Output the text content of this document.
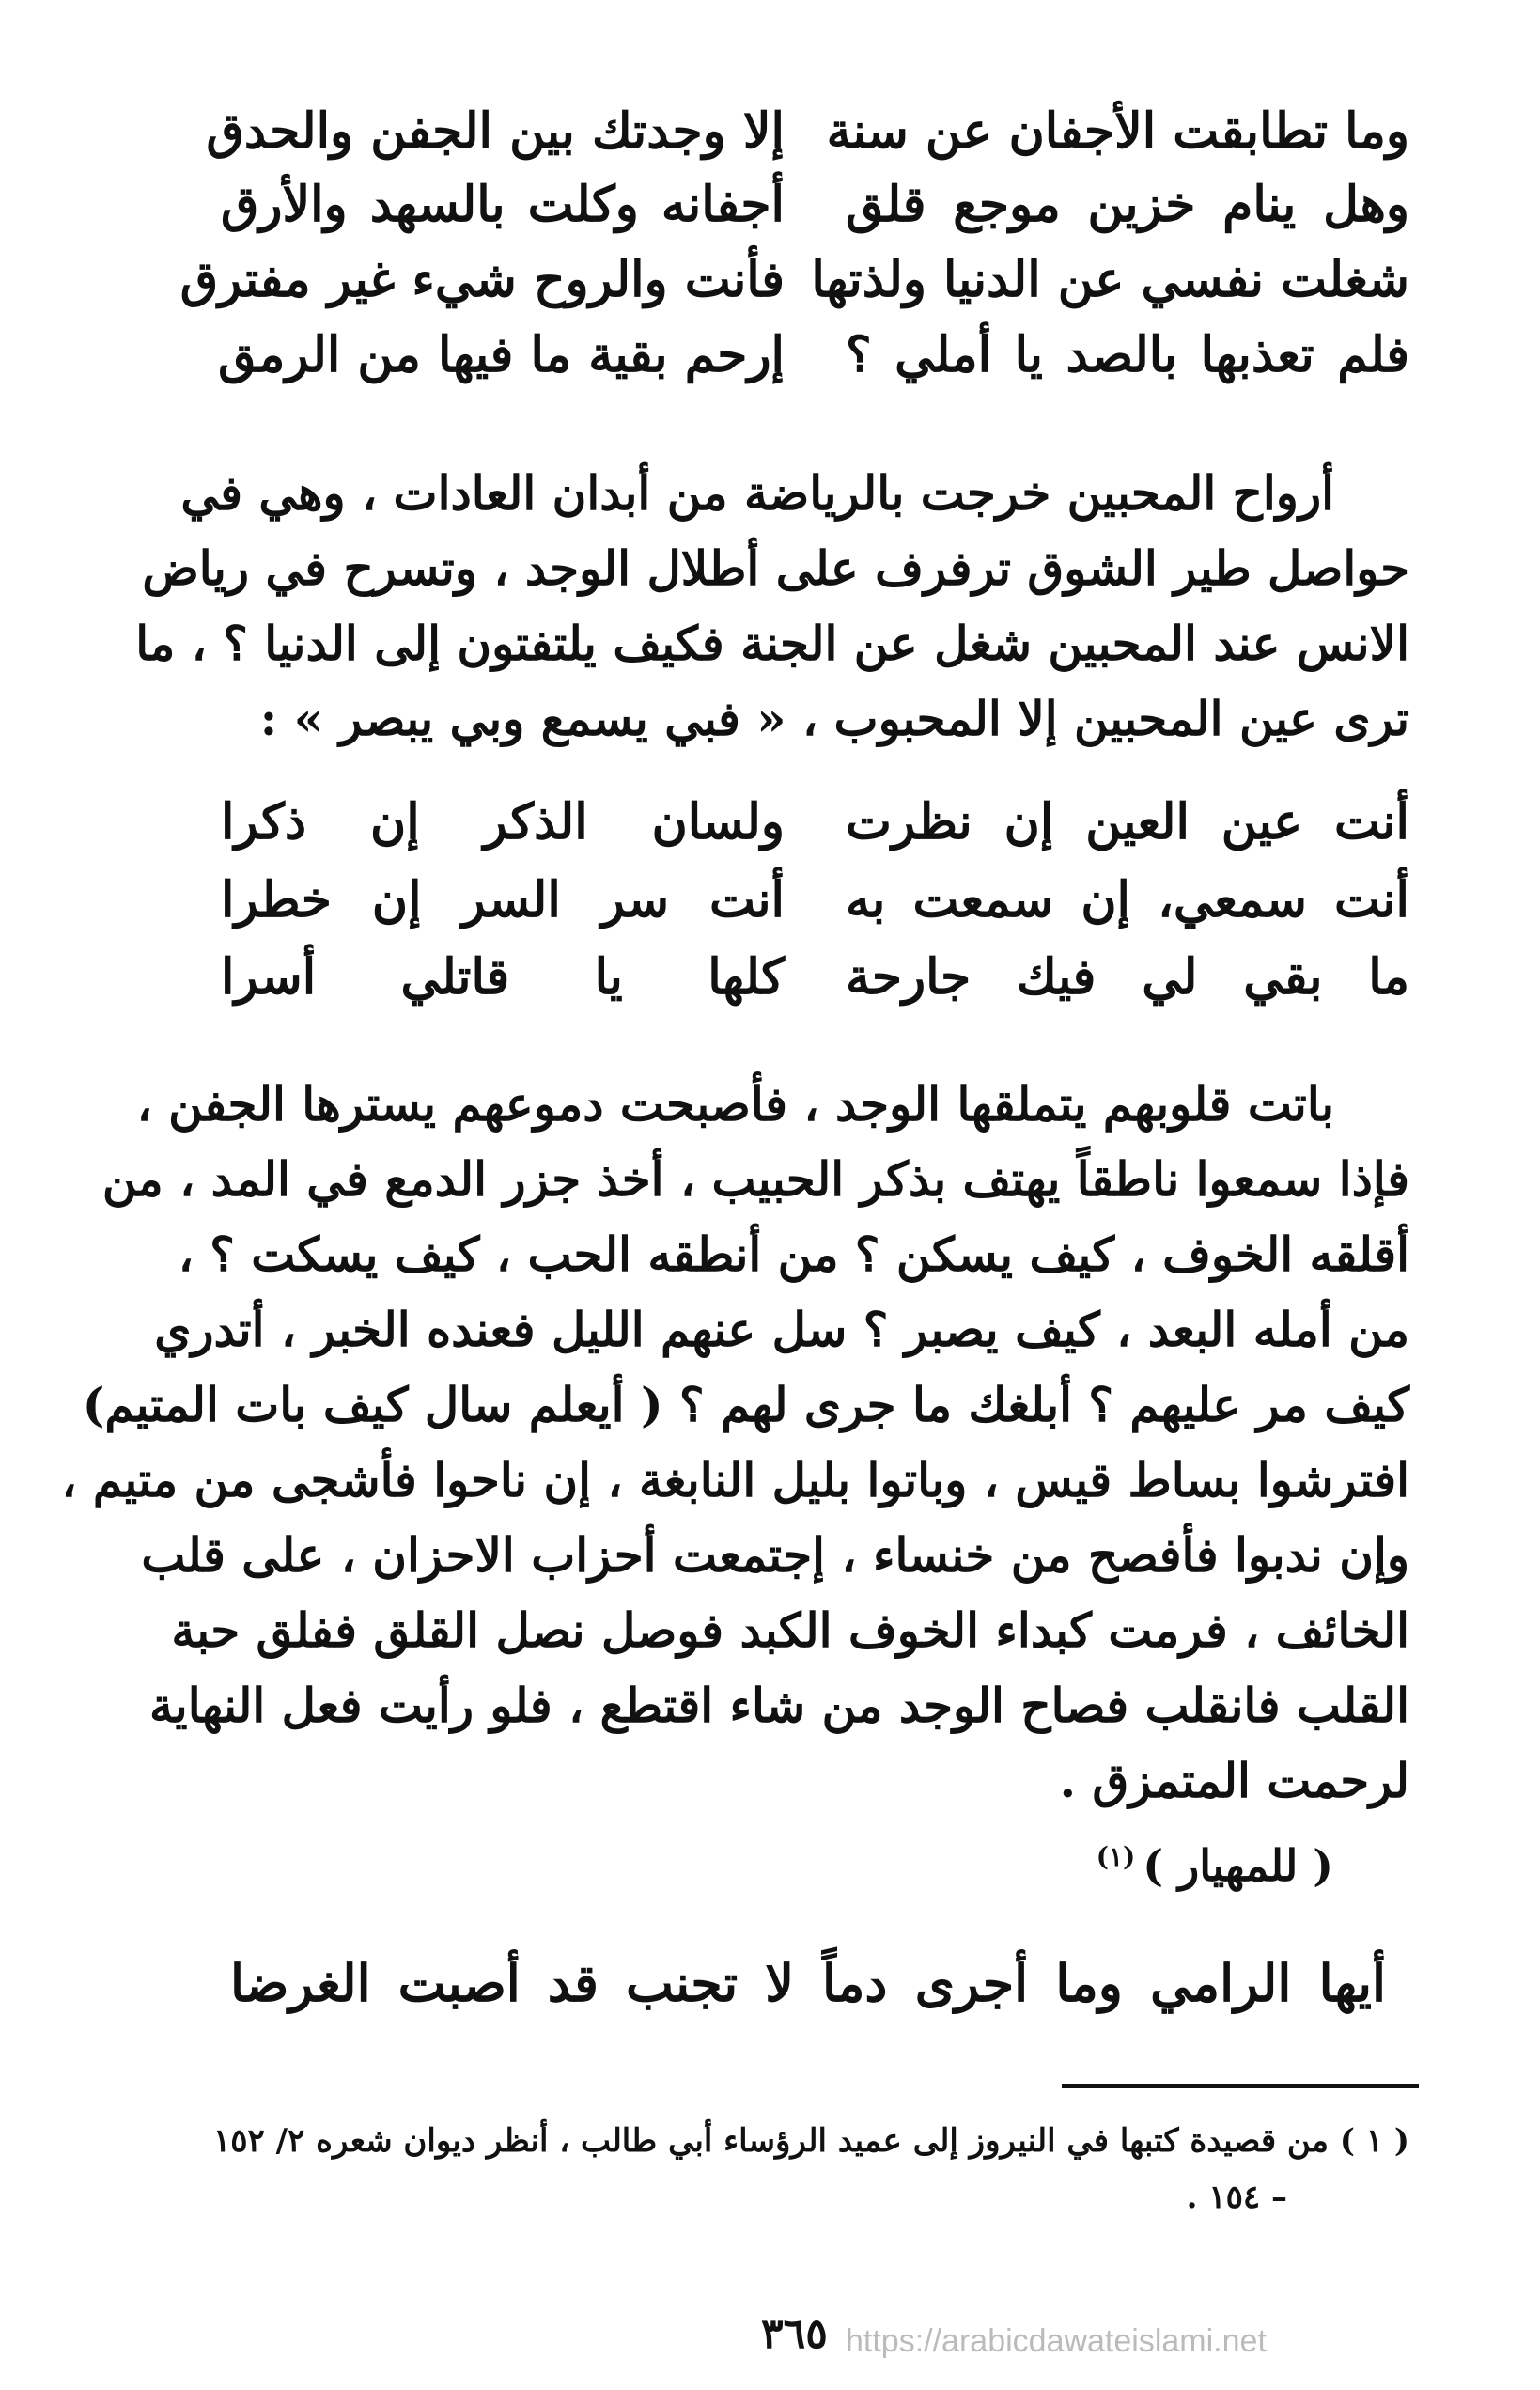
وما تطابقت الأجفان عن سنة
إلا وجدتك بين الجفن والحدق
وهل ينام خزين موجع قلق
أجفانه وكلت بالسهد والأرق
شغلت نفسي عن الدنيا ولذتها
فأنت والروح شيء غير مفترق
فلم تعذبها بالصد يا أملي ؟
إرحم بقية ما فيها من الرمق
أرواح المحبين خرجت بالرياضة من أبدان العادات ، وهي في
حواصل طير الشوق ترفرف على أطلال الوجد ، وتسرح في رياض
الانس عند المحبين شغل عن الجنة فكيف يلتفتون إلى الدنيا ؟ ، ما
ترى عين المحبين إلا المحبوب ، « فبي يسمع وبي يبصر » :
أنت عين العين إن نظرت
ولسان الذكر إن ذكرا
أنت سمعي، إن سمعت به
أنت سر السر إن خطرا
ما بقي لي فيك جارحة
كلها يا قاتلي أسرا
باتت قلوبهم يتملقها الوجد ، فأصبحت دموعهم يسترها الجفن ،
فإذا سمعوا ناطقاً يهتف بذكر الحبيب ، أخذ جزر الدمع في المد ، من
أقلقه الخوف ، كيف يسكن ؟ من أنطقه الحب ، كيف يسكت ؟ ،
من أمله البعد ، كيف يصبر ؟ سل عنهم الليل فعنده الخبر ، أتدري
كيف مر عليهم ؟ أبلغك ما جرى لهم ؟ ( أيعلم سال كيف بات المتيم)
افترشوا بساط قيس ، وباتوا بليل النابغة ، إن ناحوا فأشجى من متيم ،
وإن ندبوا فأفصح من خنساء ، إجتمعت أحزاب الاحزان ، على قلب
الخائف ، فرمت كبداء الخوف الكبد فوصل نصل القلق ففلق حبة
القلب فانقلب فصاح الوجد من شاء اقتطع ، فلو رأيت فعل النهاية
لرحمت المتمزق .
( للمهيار )$^{(١)}$
أيها الرامي وما أجرى دماً
لا تجنب قد أصبت الغرضا
( ١ ) من قصيدة كتبها في النيروز إلى عميد الرؤساء أبي طالب ، أنظر ديوان شعره ٢/ ١٥٢
– ١٥٤ .
٣٦٥ https://arabicdawateislami.net
